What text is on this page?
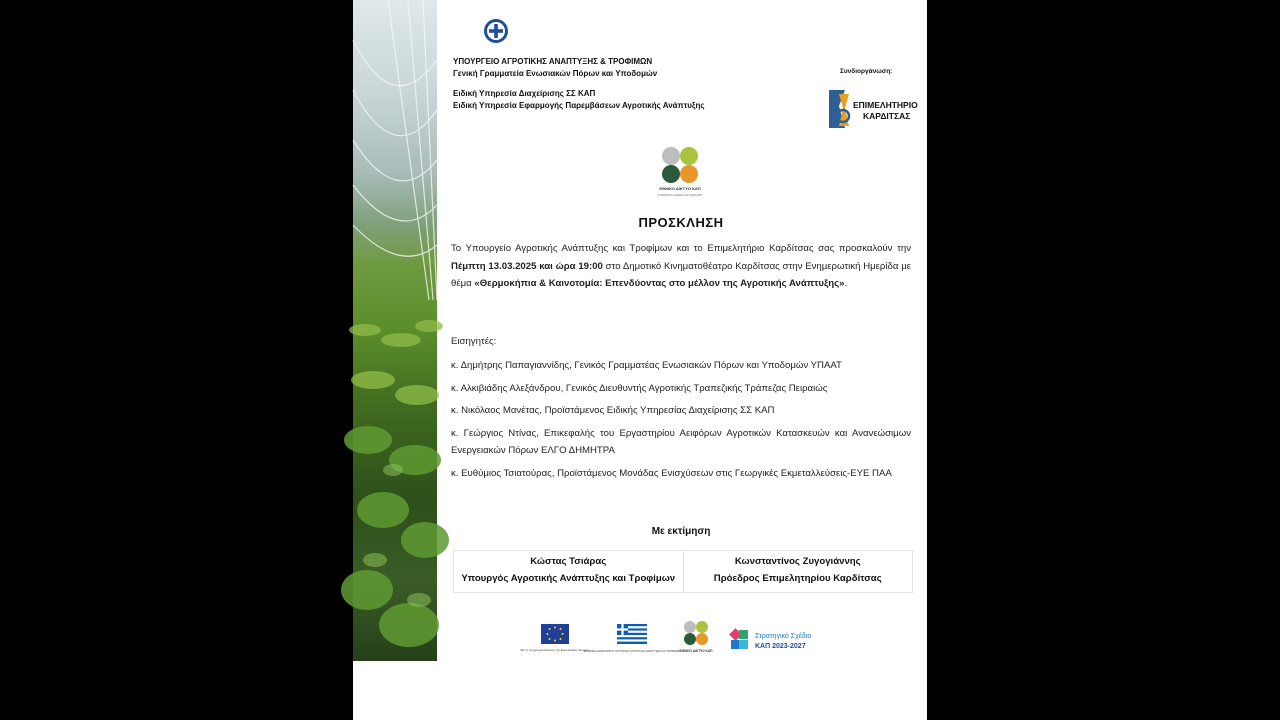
ΥΠΟΥΡΓΕΙΟ ΑΓΡΟΤΙΚΗΣ ΑΝΑΠΤΥΞΗΣ & ΤΡΟΦΙΜΩΝ
Γενική Γραμματεία Ενωσιακών Πόρων και Υποδομών
Ειδική Υπηρεσία Διαχείρισης ΣΣ ΚΑΠ
Ειδική Υπηρεσία Εφαρμογής Παρεμβάσεων Αγροτικής Ανάπτυξης
Συνδιοργάνωση:
ΕΠΙΜΕΛΗΤΗΡΙΟ
ΚΑΡΔΙΤΣΑΣ
ΕΘΝΙΚΟ ΔΙΚΤΥΟ ΚΑΠ
ΣΤΡΑΤΗΓΙΚΟ ΣΧΕΔΙΟ ΚΑΠ 2023-2027
ΠΡΟΣΚΛΗΣΗ
Το Υπουργείο Αγροτικής Ανάπτυξης και Τροφίμων και το Επιμελητήριο Καρδίτσας σας προσκαλούν την Πέμπτη 13.03.2025 και ώρα 19:00 στο Δημοτικό Κινηματοθέατρο Καρδίτσας στην Ενημερωτική Ημερίδα με θέμα «Θερμοκήπια & Καινοτομία: Επενδύοντας στο μέλλον της Αγροτικής Ανάπτυξης».
Εισηγητές:
κ. Δημήτρης Παπαγιαννίδης, Γενικός Γραμματέας Ενωσιακών Πόρων και Υποδομών ΥΠΑΑΤ
κ. Αλκιβιάδης Αλεξάνδρου, Γενικός Διευθυντής Αγροτικής Τραπεζικής Τράπεζας Πειραιώς
κ. Νικόλαος Μανέτας, Προϊστάμενος Ειδικής Υπηρεσίας Διαχείρισης ΣΣ ΚΑΠ
κ. Γεώργιος Ντίνας, Επικεφαλής του Εργαστηρίου Αειφόρων Αγροτικών Κατασκευών και Ανανεώσιμων Ενεργειακών Πόρων ΕΛΓΟ ΔΗΜΗΤΡΑ
κ. Ευθύμιος Τσιατούρας, Προϊστάμενος Μονάδας Ενισχύσεων στις Γεωργικές Εκμεταλλεύσεις-ΕΥΕ ΠΑΑ
Με εκτίμηση
Κώστας Τσιάρας
Υπουργός Αγροτικής Ανάπτυξης και Τροφίμων
Κωνσταντίνος Ζυγογιάννης
Πρόεδρος Επιμελητηρίου Καρδίτσας
Με τη συγχρηματοδότηση της Ευρωπαϊκής Ένωσης
ΕΛΛΗΝΙΚΗ ΔΗΜΟΚΡΑΤΙΑ ΥΠΟΥΡΓΕΙΟ ΑΓΡΟΤΙΚΗΣ ΑΝΑΠΤΥΞΗΣ ΚΑΙ ΤΡΟΦΙΜΩΝ ΕΘΝΙΚΟ ΔΙΚΤΥΟ ΚΑΠ
Στρατηγικό Σχέδιο
ΚΑΠ 2023-2027
